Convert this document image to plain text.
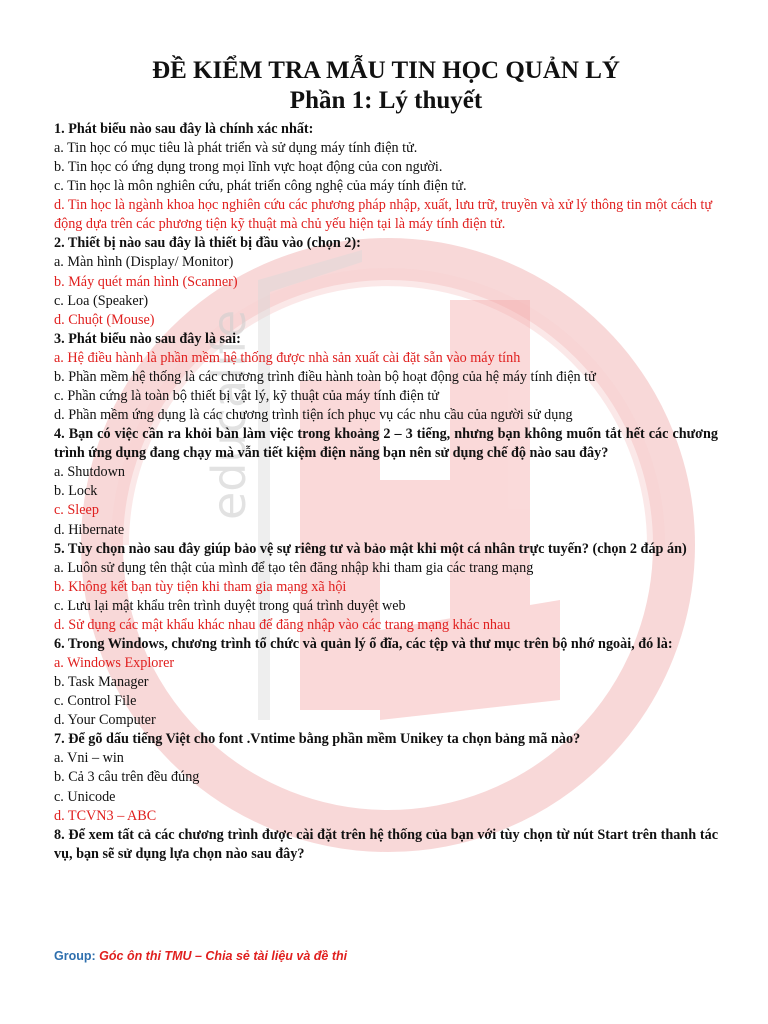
educalife
ĐỀ KIỂM TRA MẪU TIN HỌC QUẢN LÝ
Phần 1: Lý thuyết

1. Phát biểu nào sau đây là chính xác nhất:

a. Tin học có mục tiêu là phát triển và sử dụng máy tính điện tử.

b. Tin học có ứng dụng trong mọi lĩnh vực hoạt động của con người.

c. Tin học là môn nghiên cứu, phát triển công nghệ của máy tính điện tử.

d. Tin học là ngành khoa học nghiên cứu các phương pháp nhập, xuất, lưu trữ, truyền và xử lý thông tin một cách tự động dựa trên các phương tiện kỹ thuật mà chủ yếu hiện tại là máy tính điện tử.

2. Thiết bị nào sau đây là thiết bị đầu vào (chọn 2):

a. Màn hình (Display/ Monitor)

b. Máy quét mán hình (Scanner)

c. Loa (Speaker)

d. Chuột (Mouse)

3. Phát biểu nào sau đây là sai:

a. Hệ điều hành là phần mềm hệ thống được nhà sản xuất cài đặt sẵn vào máy tính

b. Phần mềm hệ thống là các chương trình điều hành toàn bộ hoạt động của hệ máy tính điện tử

c. Phần cứng là toàn bộ thiết bị vật lý, kỹ thuật của máy tính điện tử

d. Phần mềm ứng dụng là các chương trình tiện ích phục vụ các nhu cầu của người sử dụng

4. Bạn có việc cần ra khỏi bàn làm việc trong khoảng 2 – 3 tiếng, nhưng bạn không muốn tắt hết các chương trình ứng dụng đang chạy mà vẫn tiết kiệm điện năng bạn nên sử dụng chế độ nào sau đây?

a. Shutdown

b. Lock

c. Sleep

d. Hibernate

5. Tùy chọn nào sau đây giúp bảo vệ sự riêng tư và bảo mật khi một cá nhân trực tuyến? (chọn 2 đáp án)

a. Luôn sử dụng tên thật của mình để tạo tên đăng nhập khi tham gia các trang mạng

b. Không kết bạn tùy tiện khi tham gia mạng xã hội

c. Lưu lại mật khẩu trên trình duyệt trong quá trình duyệt web

d. Sử dụng các mật khẩu khác nhau để đăng nhập vào các trang mạng khác nhau

6. Trong Windows, chương trình tổ chức và quản lý ổ đĩa, các tệp và thư mục trên bộ nhớ ngoài, đó là:

a. Windows Explorer

b. Task Manager

c. Control File

d. Your Computer

7. Để gõ dấu tiếng Việt cho font .Vntime bằng phần mềm Unikey ta chọn bảng mã nào?

a. Vni – win

b. Cả 3 câu trên đều đúng

c. Unicode

d. TCVN3 – ABC

8. Để xem tất cả các chương trình được cài đặt trên hệ thống của bạn với tùy chọn từ nút Start trên thanh tác vụ, bạn sẽ sử dụng lựa chọn nào sau đây?

Group: Góc ôn thi TMU – Chia sẻ tài liệu và đề thi
